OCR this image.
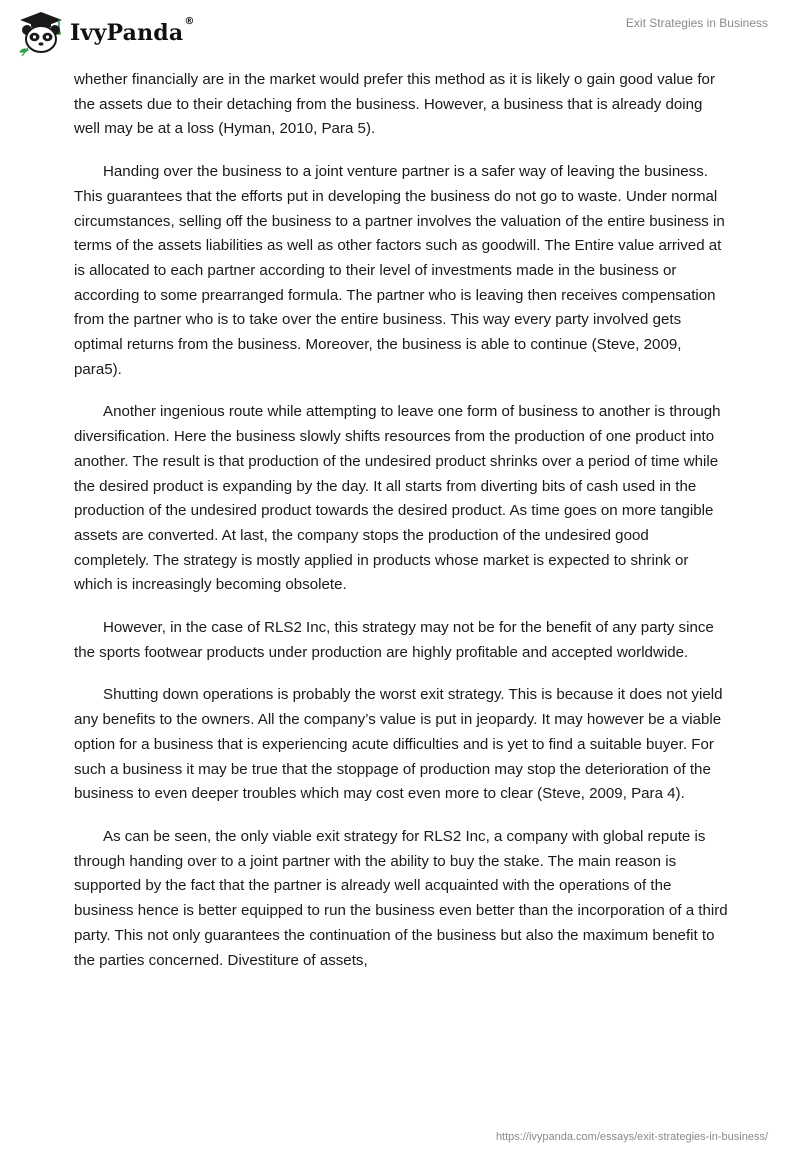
IvyPanda®	Exit Strategies in Business

whether financially are in the market would prefer this method as it is likely o gain good value for the assets due to their detaching from the business. However, a business that is already doing well may be at a loss (Hyman, 2010, Para 5).

Handing over the business to a joint venture partner is a safer way of leaving the business. This guarantees that the efforts put in developing the business do not go to waste. Under normal circumstances, selling off the business to a partner involves the valuation of the entire business in terms of the assets liabilities as well as other factors such as goodwill. The Entire value arrived at is allocated to each partner according to their level of investments made in the business or according to some prearranged formula. The partner who is leaving then receives compensation from the partner who is to take over the entire business. This way every party involved gets optimal returns from the business. Moreover, the business is able to continue (Steve, 2009, para5).

Another ingenious route while attempting to leave one form of business to another is through diversification. Here the business slowly shifts resources from the production of one product into another. The result is that production of the undesired product shrinks over a period of time while the desired product is expanding by the day. It all starts from diverting bits of cash used in the production of the undesired product towards the desired product. As time goes on more tangible assets are converted. At last, the company stops the production of the undesired good completely. The strategy is mostly applied in products whose market is expected to shrink or which is increasingly becoming obsolete.

However, in the case of RLS2 Inc, this strategy may not be for the benefit of any party since the sports footwear products under production are highly profitable and accepted worldwide.

Shutting down operations is probably the worst exit strategy. This is because it does not yield any benefits to the owners. All the company’s value is put in jeopardy. It may however be a viable option for a business that is experiencing acute difficulties and is yet to find a suitable buyer. For such a business it may be true that the stoppage of production may stop the deterioration of the business to even deeper troubles which may cost even more to clear (Steve, 2009, Para 4).

As can be seen, the only viable exit strategy for RLS2 Inc, a company with global repute is through handing over to a joint partner with the ability to buy the stake. The main reason is supported by the fact that the partner is already well acquainted with the operations of the business hence is better equipped to run the business even better than the incorporation of a third party. This not only guarantees the continuation of the business but also the maximum benefit to the parties concerned. Divestiture of assets,

https://ivypanda.com/essays/exit-strategies-in-business/
